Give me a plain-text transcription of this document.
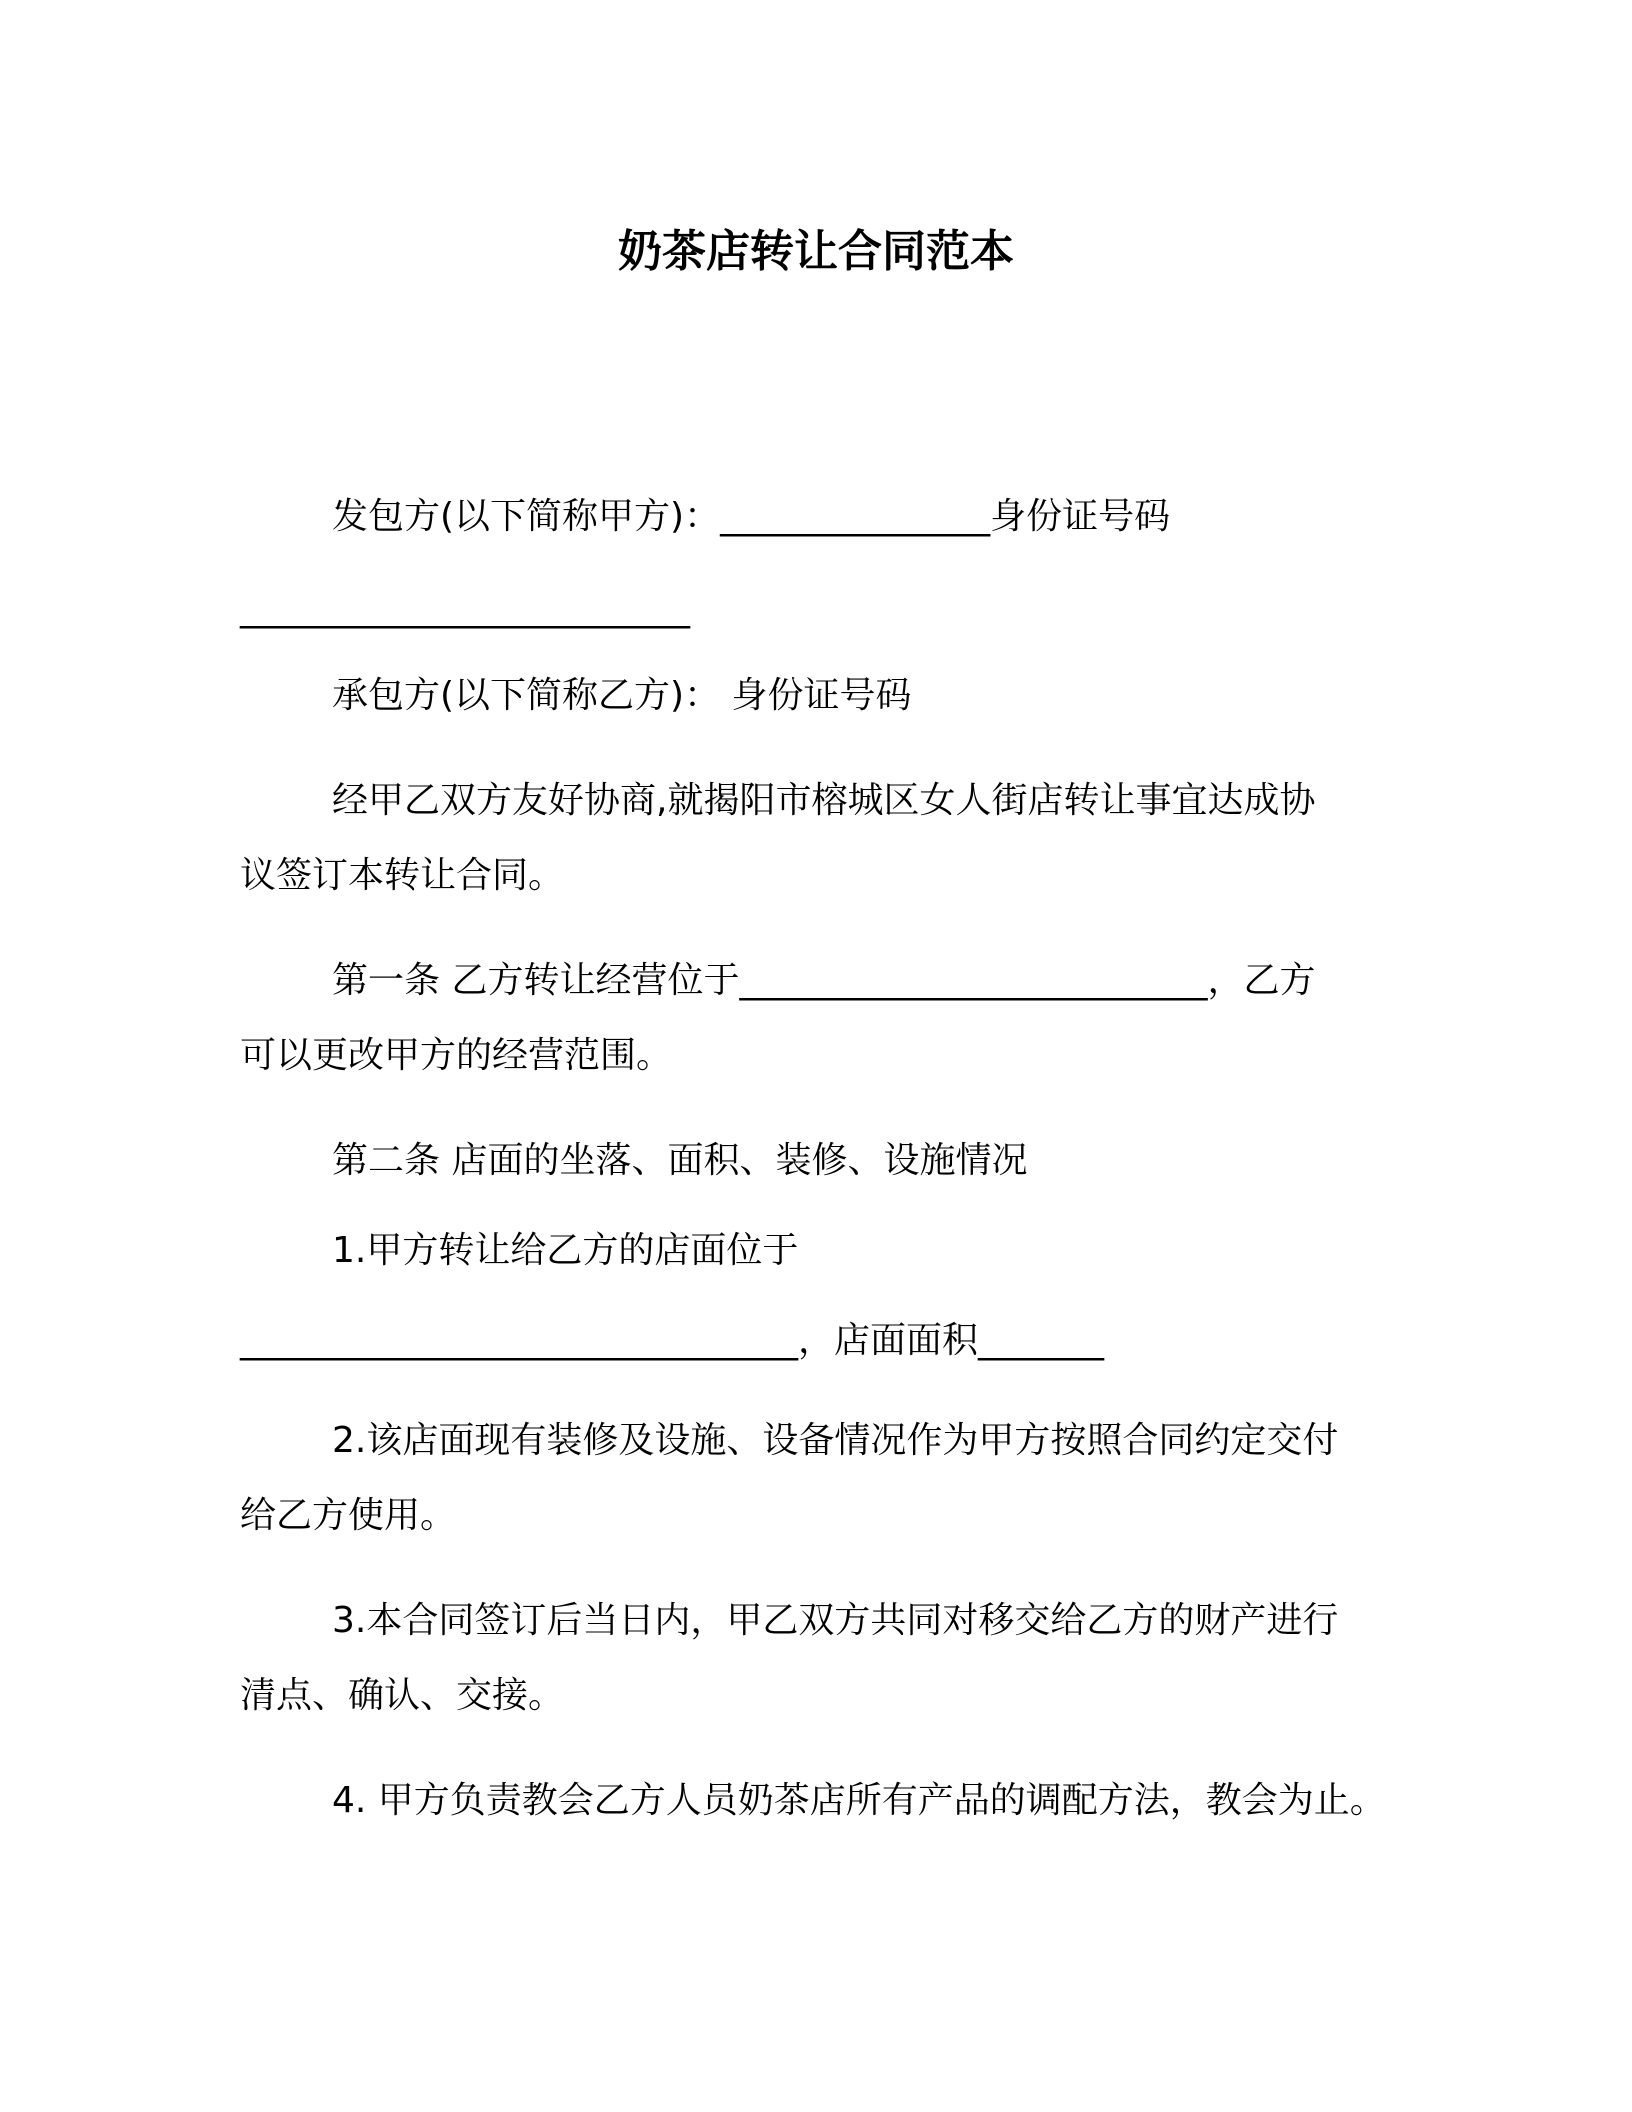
奶茶店转让合同范本
发包方(以下简称甲方)：_______________身份证号码
_________________________
承包方(以下简称乙方)： 身份证号码
经甲乙双方友好协商,就揭阳市榕城区女人街店转让事宜达成协
议签订本转让合同。
第一条 乙方转让经营位于__________________________，乙方
可以更改甲方的经营范围。
第二条 店面的坐落、面积、装修、设施情况
1.甲方转让给乙方的店面位于
_______________________________，店面面积_______
2.该店面现有装修及设施、设备情况作为甲方按照合同约定交付
给乙方使用。
3.本合同签订后当日内，甲乙双方共同对移交给乙方的财产进行
清点、确认、交接。
4. 甲方负责教会乙方人员奶茶店所有产品的调配方法，教会为止。
